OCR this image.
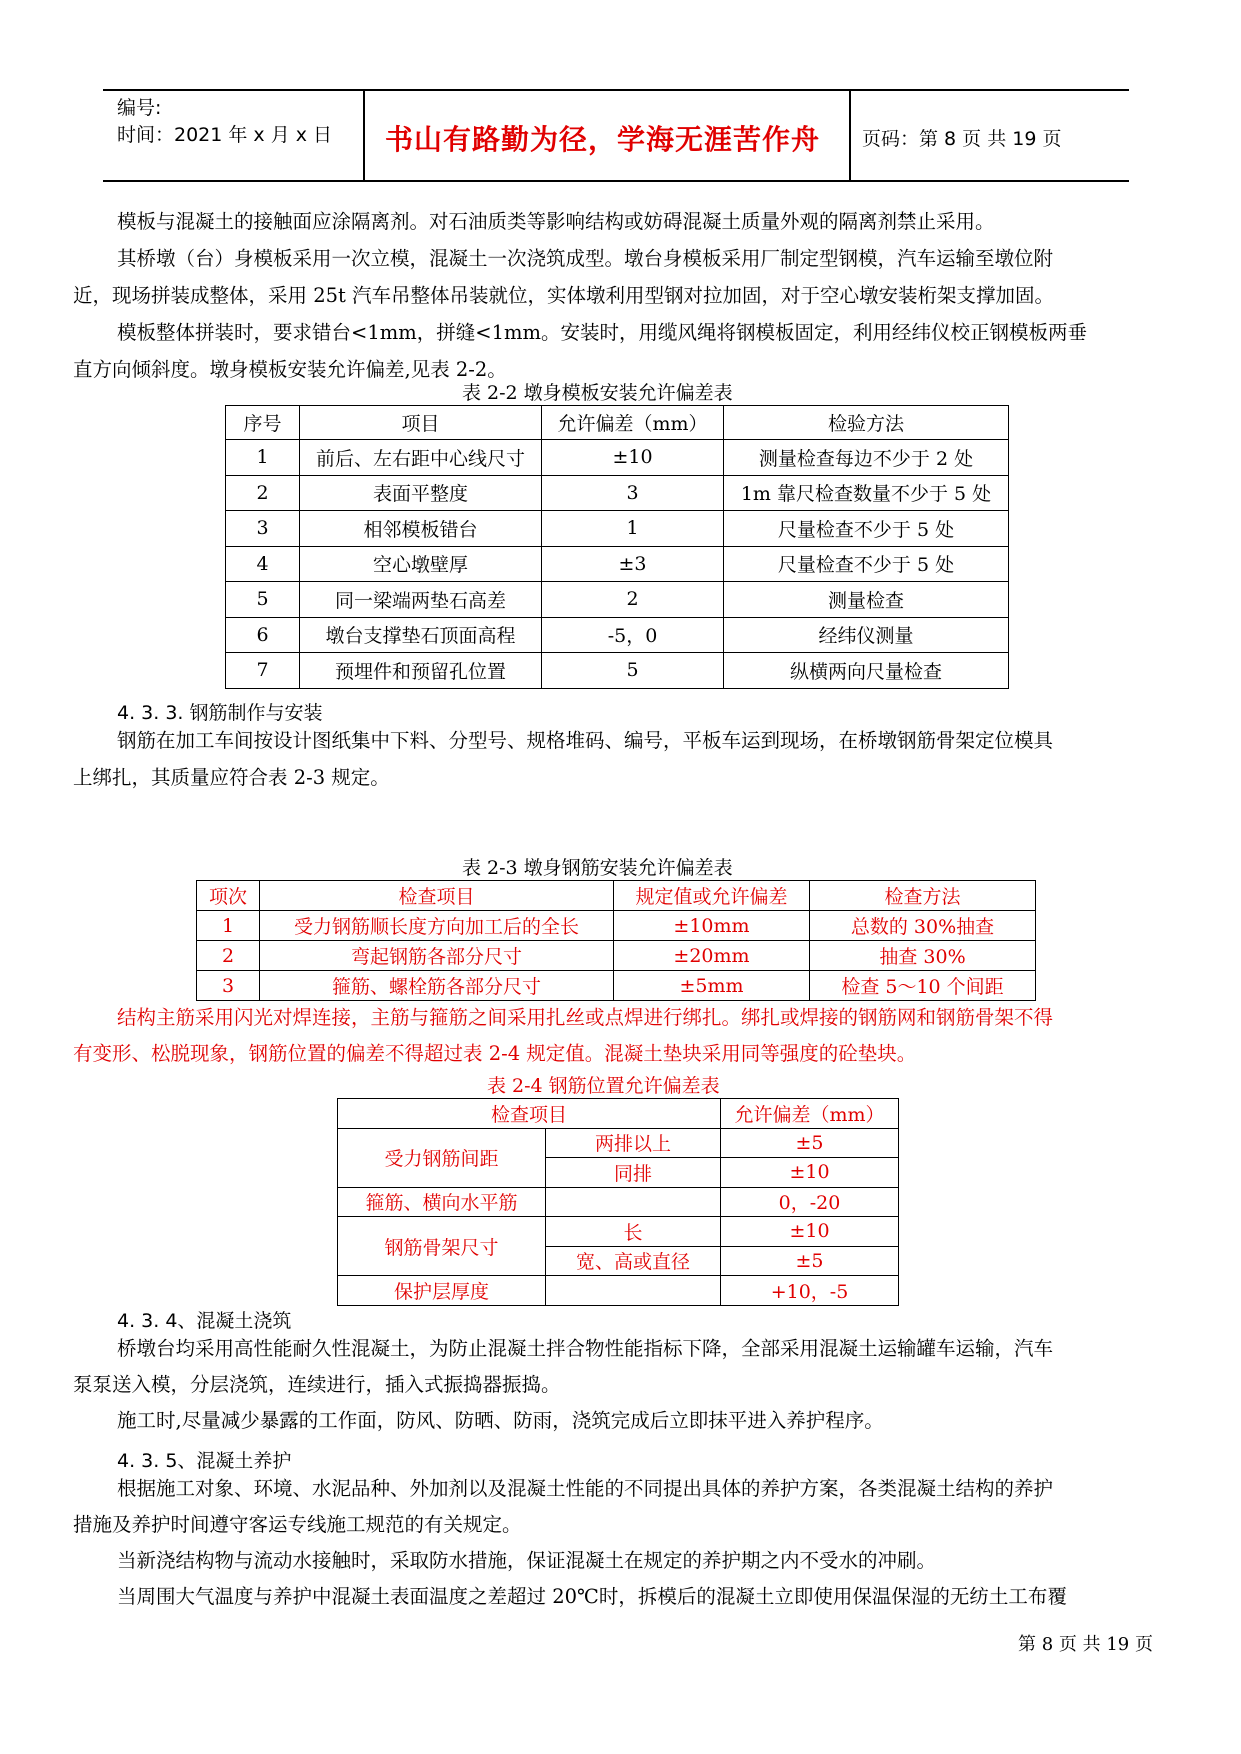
编号:
时间：2021 年 x 月 x 日 书山有路勤为径，学海无涯苦作舟 页码：第 8 页 共 19 页
模板与混凝土的接触面应涂隔离剂。对石油质类等影响结构或妨碍混凝土质量外观的隔离剂禁止采用。
其桥墩（台）身模板采用一次立模，混凝土一次浇筑成型。墩台身模板采用厂制定型钢模，汽车运输至墩位附
近，现场拼装成整体，采用 25t 汽车吊整体吊装就位，实体墩利用型钢对拉加固，对于空心墩安装桁架支撑加固。
模板整体拼装时，要求错台<1mm，拼缝<1mm。安装时，用缆风绳将钢模板固定，利用经纬仪校正钢模板两垂
直方向倾斜度。墩身模板安装允许偏差,见表 2-2。
表 2-2 墩身模板安装允许偏差表
序号	项目	允许偏差（mm）	检验方法
1	前后、左右距中心线尺寸	±10	测量检查每边不少于 2 处
2	表面平整度	3	1m 靠尺检查数量不少于 5 处
3	相邻模板错台	1	尺量检查不少于 5 处
4	空心墩壁厚	±3	尺量检查不少于 5 处
5	同一梁端两垫石高差	2	测量检查
6	墩台支撑垫石顶面高程	-5，0	经纬仪测量
7	预埋件和预留孔位置	5	纵横两向尺量检查
4. 3. 3. 钢筋制作与安装
钢筋在加工车间按设计图纸集中下料、分型号、规格堆码、编号，平板车运到现场，在桥墩钢筋骨架定位模具
上绑扎，其质量应符合表 2-3 规定。
表 2-3 墩身钢筋安装允许偏差表
项次	检查项目	规定值或允许偏差	检查方法
1	受力钢筋顺长度方向加工后的全长	±10mm	总数的 30%抽查
2	弯起钢筋各部分尺寸	±20mm	抽查 30%
3	箍筋、螺栓筋各部分尺寸	±5mm	检查 5～10 个间距
结构主筋采用闪光对焊连接，主筋与箍筋之间采用扎丝或点焊进行绑扎。绑扎或焊接的钢筋网和钢筋骨架不得
有变形、松脱现象，钢筋位置的偏差不得超过表 2-4 规定值。混凝土垫块采用同等强度的砼垫块。
表 2-4 钢筋位置允许偏差表
检查项目		允许偏差（mm）
受力钢筋间距	两排以上	±5
	同排	±10
箍筋、横向水平筋		0，-20
钢筋骨架尺寸	长	±10
	宽、高或直径	±5
保护层厚度		+10，-5
4. 3. 4、混凝土浇筑
桥墩台均采用高性能耐久性混凝土，为防止混凝土拌合物性能指标下降，全部采用混凝土运输罐车运输，汽车
泵泵送入模，分层浇筑，连续进行，插入式振捣器振捣。
施工时,尽量减少暴露的工作面，防风、防晒、防雨，浇筑完成后立即抹平进入养护程序。
4. 3. 5、混凝土养护
根据施工对象、环境、水泥品种、外加剂以及混凝土性能的不同提出具体的养护方案，各类混凝土结构的养护
措施及养护时间遵守客运专线施工规范的有关规定。
当新浇结构物与流动水接触时，采取防水措施，保证混凝土在规定的养护期之内不受水的冲刷。
当周围大气温度与养护中混凝土表面温度之差超过 20℃时，拆模后的混凝土立即使用保温保湿的无纺土工布覆
第 8 页 共 19 页
